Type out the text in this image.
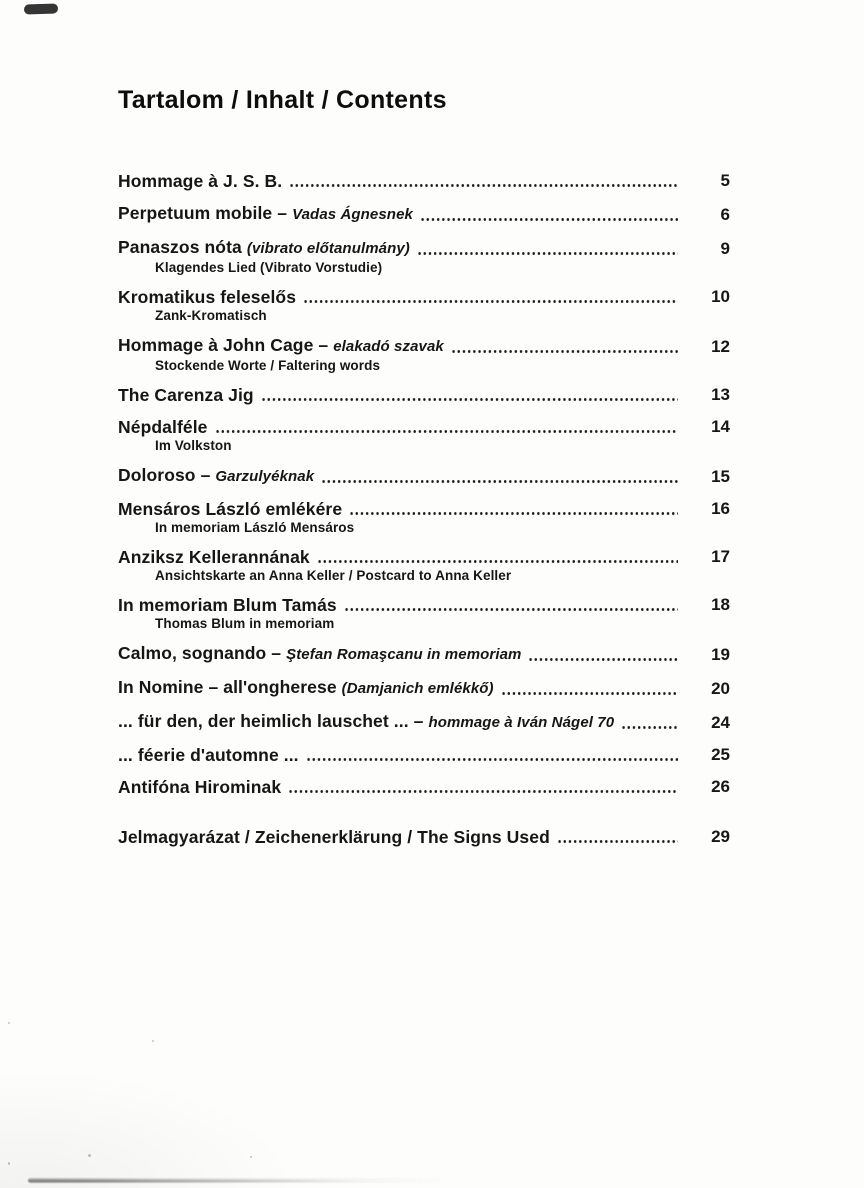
Tartalom / Inhalt / Contents
Hommage à J. S. B.	5
Perpetuum mobile – Vadas Ágnesnek	6
Panaszos nóta (vibrato előtanulmány)	9
Klagendes Lied (Vibrato Vorstudie)
Kromatikus feleselős	10
Zank-Kromatisch
Hommage à John Cage – elakadó szavak	12
Stockende Worte / Faltering words
The Carenza Jig	13
Népdalféle	14
Im Volkston
Doloroso – Garzulyéknak	15
Mensáros László emlékére	16
In memoriam László Mensáros
Anziksz Kellerannának	17
Ansichtskarte an Anna Keller / Postcard to Anna Keller
In memoriam Blum Tamás	18
Thomas Blum in memoriam
Calmo, sognando – Ştefan Romaşcanu in memoriam	19
In Nomine – all'ongherese (Damjanich emlékkő)	20
... für den, der heimlich lauschet ... – hommage à Iván Nágel 70	24
... féerie d'automne ...	25
Antifóna Hirominak	26
Jelmagyarázat / Zeichenerklärung / The Signs Used	29
